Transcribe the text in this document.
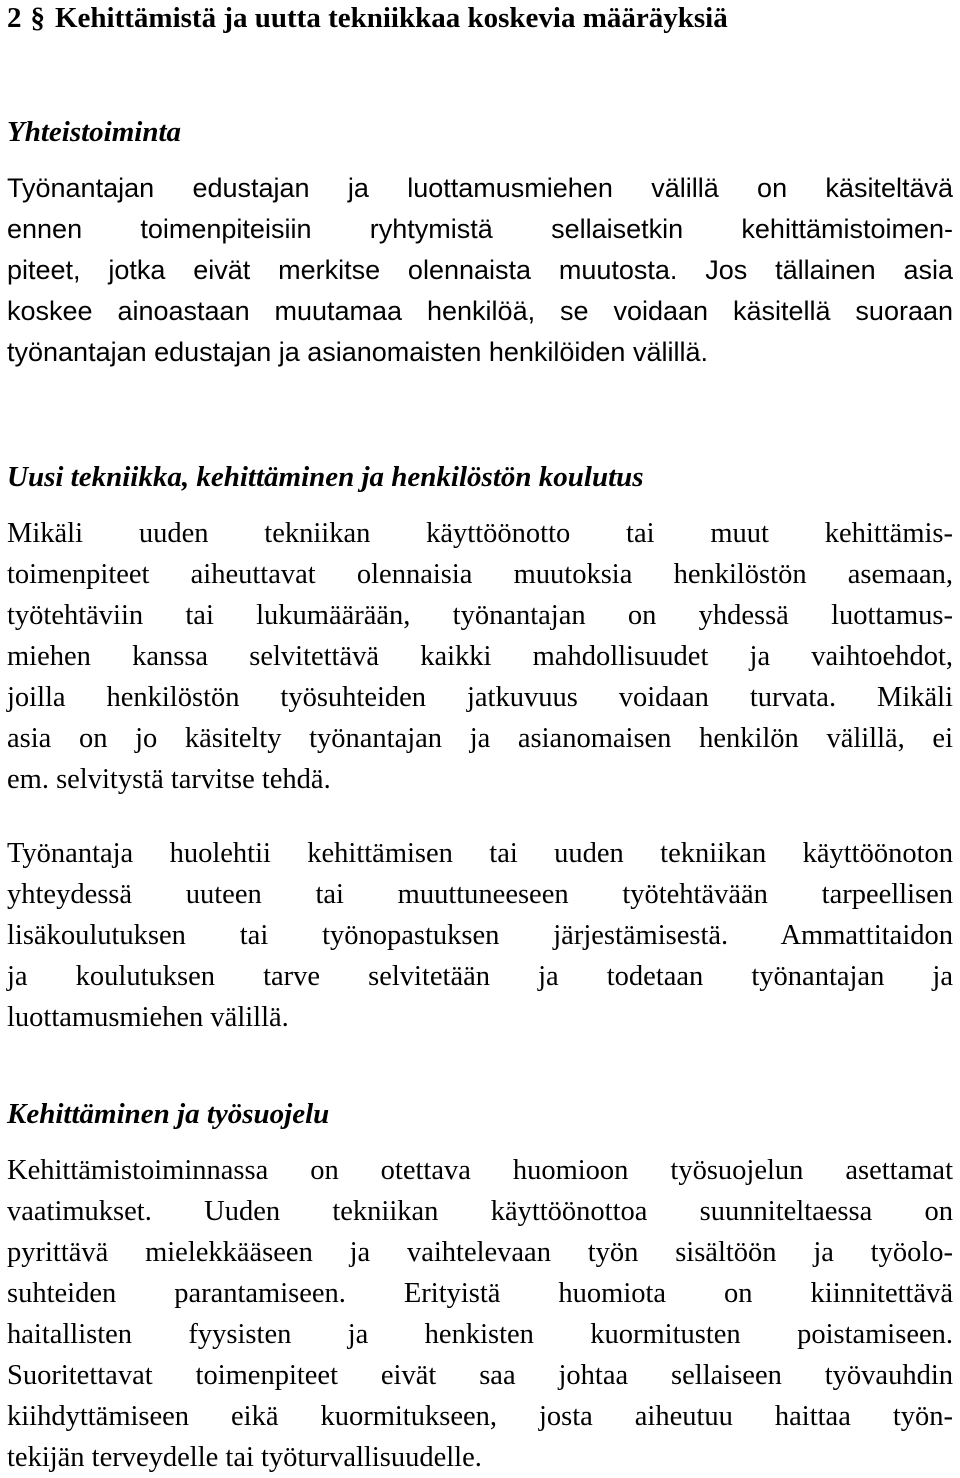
2 § Kehittämistä ja uutta tekniikkaa koskevia määräyksiä
Yhteistoiminta
Työnantajan edustajan ja luottamusmiehen välillä on käsiteltävä
ennen toimenpiteisiin ryhtymistä sellaisetkin kehittämistoimen-
piteet, jotka eivät merkitse olennaista muutosta. Jos tällainen asia
koskee ainoastaan muutamaa henkilöä, se voidaan käsitellä suoraan
työnantajan edustajan ja asianomaisten henkilöiden välillä.
Uusi tekniikka, kehittäminen ja henkilöstön koulutus
Mikäli uuden tekniikan käyttöönotto tai muut kehittämis-
toimenpiteet aiheuttavat olennaisia muutoksia henkilöstön asemaan,
työtehtäviin tai lukumäärään, työnantajan on yhdessä luottamus-
miehen kanssa selvitettävä kaikki mahdollisuudet ja vaihtoehdot,
joilla henkilöstön työsuhteiden jatkuvuus voidaan turvata. Mikäli
asia on jo käsitelty työnantajan ja asianomaisen henkilön välillä, ei
em. selvitystä tarvitse tehdä.
Työnantaja huolehtii kehittämisen tai uuden tekniikan käyttöönoton
yhteydessä uuteen tai muuttuneeseen työtehtävään tarpeellisen
lisäkoulutuksen tai työnopastuksen järjestämisestä. Ammattitaidon
ja koulutuksen tarve selvitetään ja todetaan työnantajan ja
luottamusmiehen välillä.
Kehittäminen ja työsuojelu
Kehittämistoiminnassa on otettava huomioon työsuojelun asettamat
vaatimukset. Uuden tekniikan käyttöönottoa suunniteltaessa on
pyrittävä mielekkääseen ja vaihtelevaan työn sisältöön ja työolo-
suhteiden parantamiseen. Erityistä huomiota on kiinnitettävä
haitallisten fyysisten ja henkisten kuormitusten poistamiseen.
Suoritettavat toimenpiteet eivät saa johtaa sellaiseen työvauhdin
kiihdyttämiseen eikä kuormitukseen, josta aiheutuu haittaa työn-
tekijän terveydelle tai työturvallisuudelle.
